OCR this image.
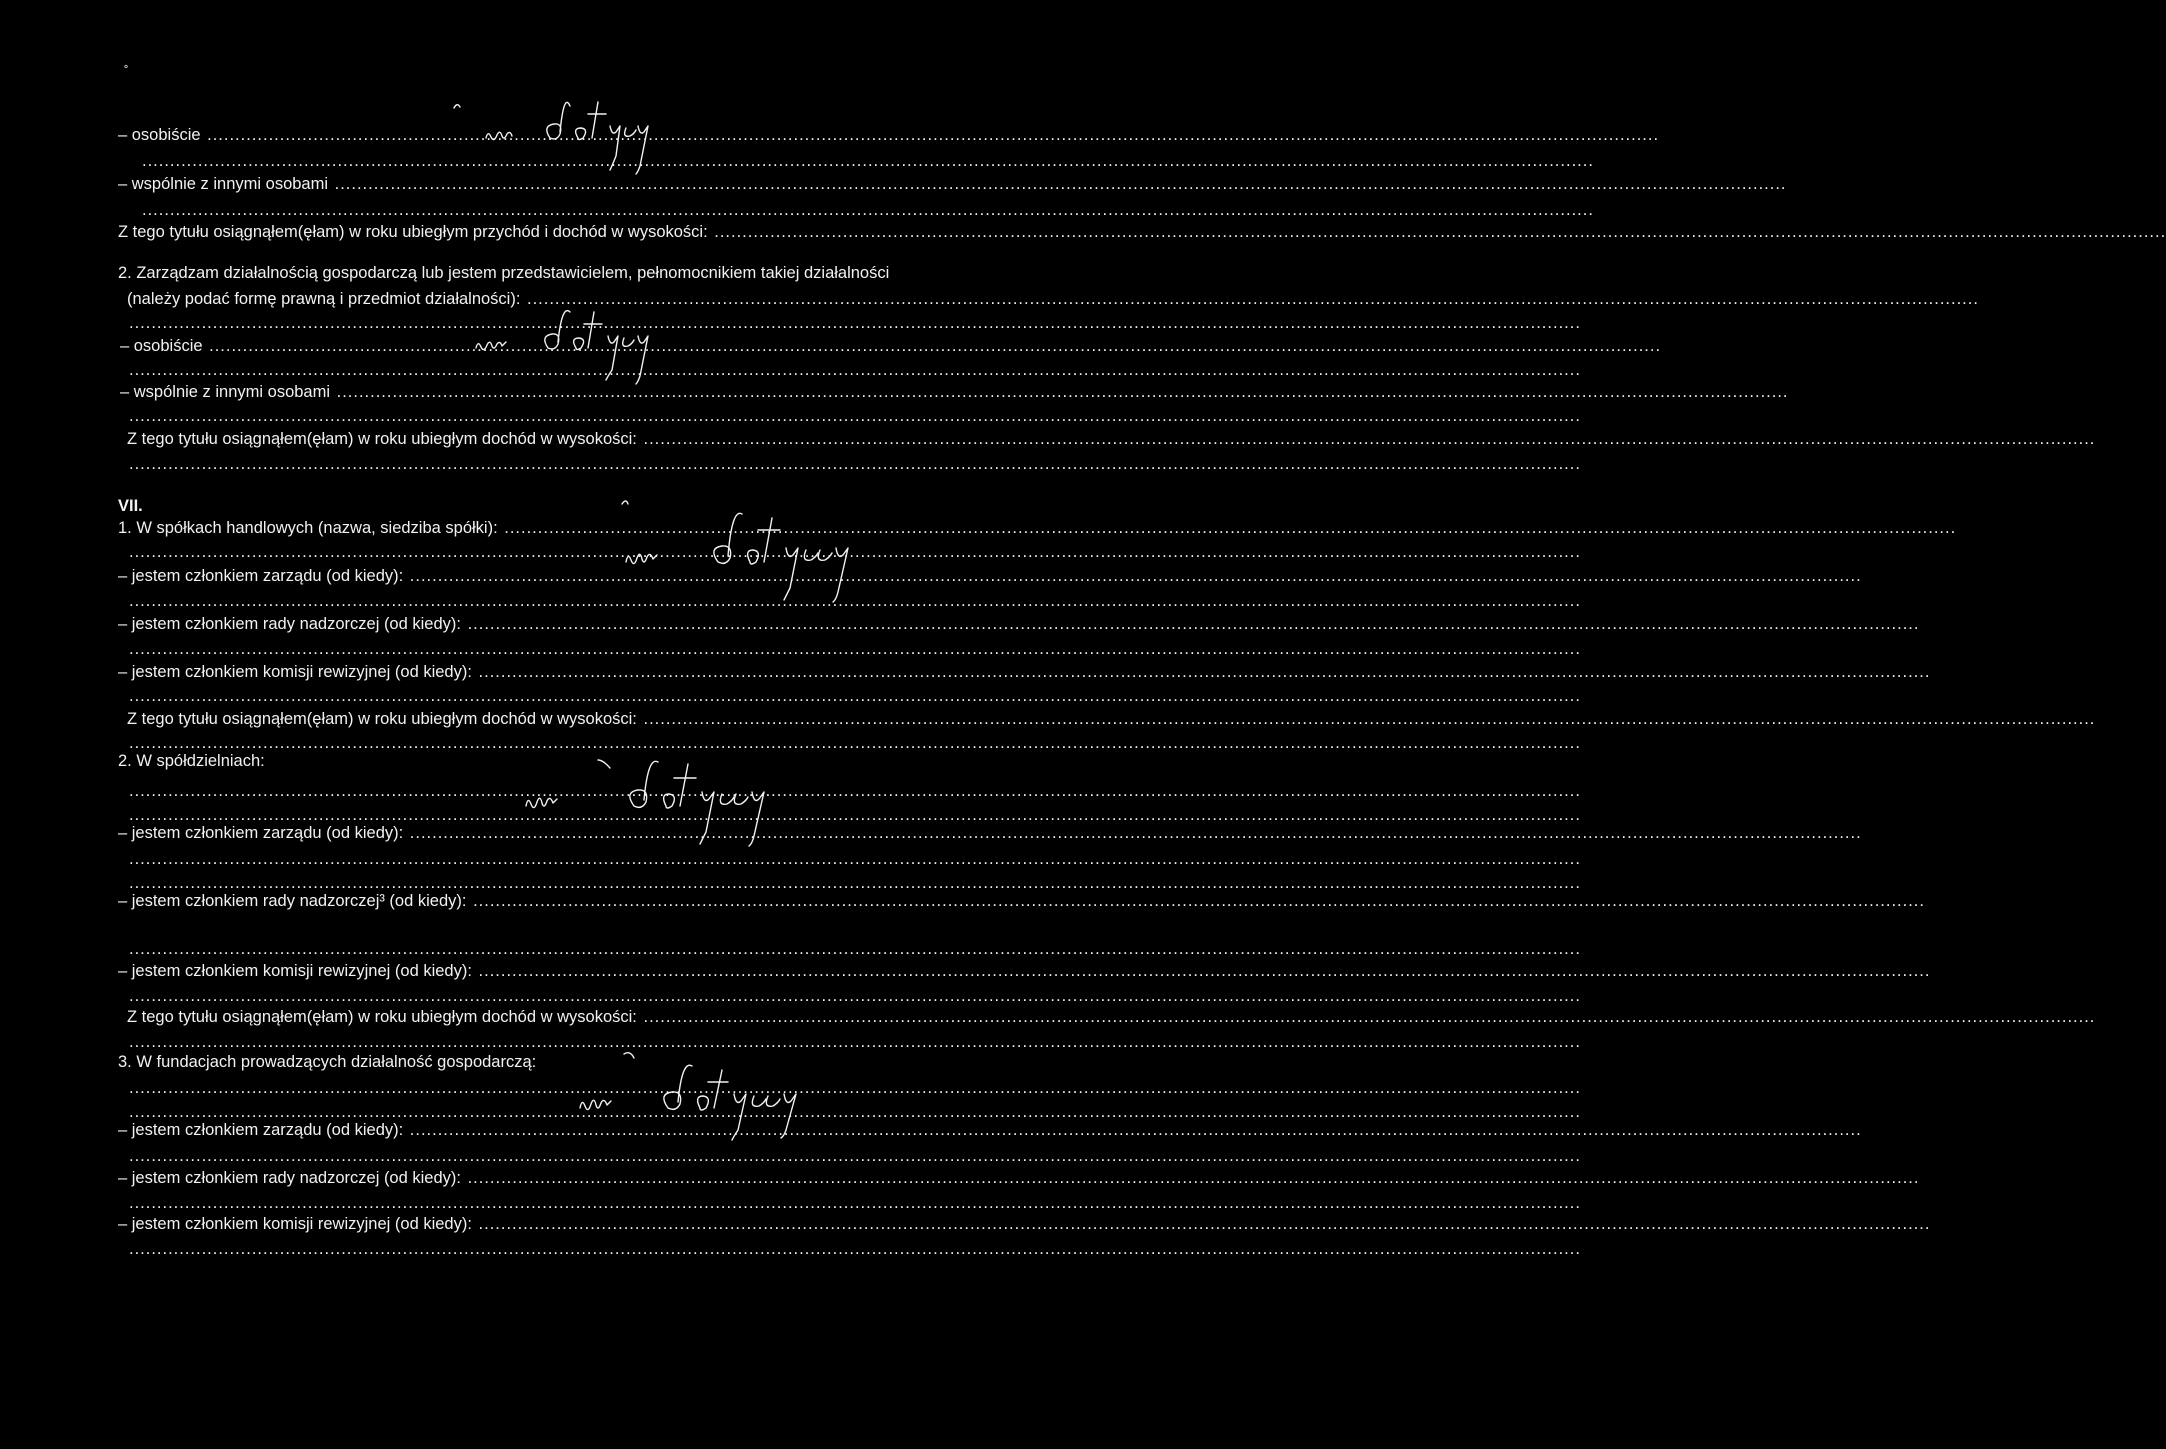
– osobiście ....................................................................................................................................................................................................................................................................
....................................................................................................................................................................................................................................................................
– wspólnie z innymi osobami ....................................................................................................................................................................................................................................................................
....................................................................................................................................................................................................................................................................
Z tego tytułu osiągnąłem(ęłam) w roku ubiegłym przychód i dochód w wysokości: ....................................................................................................................................................................................................................................................................
2. Zarządzam działalnością gospodarczą lub jestem przedstawicielem, pełnomocnikiem takiej działalności
(należy podać formę prawną i przedmiot działalności): ....................................................................................................................................................................................................................................................................
....................................................................................................................................................................................................................................................................
– osobiście ....................................................................................................................................................................................................................................................................
....................................................................................................................................................................................................................................................................
– wspólnie z innymi osobami ....................................................................................................................................................................................................................................................................
....................................................................................................................................................................................................................................................................
Z tego tytułu osiągnąłem(ęłam) w roku ubiegłym dochód w wysokości: ....................................................................................................................................................................................................................................................................
....................................................................................................................................................................................................................................................................
VII.
1. W spółkach handlowych (nazwa, siedziba spółki): ....................................................................................................................................................................................................................................................................
....................................................................................................................................................................................................................................................................
– jestem członkiem zarządu (od kiedy): ....................................................................................................................................................................................................................................................................
....................................................................................................................................................................................................................................................................
– jestem członkiem rady nadzorczej (od kiedy): ....................................................................................................................................................................................................................................................................
....................................................................................................................................................................................................................................................................
– jestem członkiem komisji rewizyjnej (od kiedy): ....................................................................................................................................................................................................................................................................
....................................................................................................................................................................................................................................................................
Z tego tytułu osiągnąłem(ęłam) w roku ubiegłym dochód w wysokości: ....................................................................................................................................................................................................................................................................
....................................................................................................................................................................................................................................................................
2. W spółdzielniach:
....................................................................................................................................................................................................................................................................
....................................................................................................................................................................................................................................................................
– jestem członkiem zarządu (od kiedy): ....................................................................................................................................................................................................................................................................
....................................................................................................................................................................................................................................................................
....................................................................................................................................................................................................................................................................
– jestem członkiem rady nadzorczej³ (od kiedy): ....................................................................................................................................................................................................................................................................
....................................................................................................................................................................................................................................................................
– jestem członkiem komisji rewizyjnej (od kiedy): ....................................................................................................................................................................................................................................................................
....................................................................................................................................................................................................................................................................
Z tego tytułu osiągnąłem(ęłam) w roku ubiegłym dochód w wysokości: ....................................................................................................................................................................................................................................................................
....................................................................................................................................................................................................................................................................
3. W fundacjach prowadzących działalność gospodarczą:
....................................................................................................................................................................................................................................................................
....................................................................................................................................................................................................................................................................
– jestem członkiem zarządu (od kiedy): ....................................................................................................................................................................................................................................................................
....................................................................................................................................................................................................................................................................
– jestem członkiem rady nadzorczej (od kiedy): ....................................................................................................................................................................................................................................................................
....................................................................................................................................................................................................................................................................
– jestem członkiem komisji rewizyjnej (od kiedy): ....................................................................................................................................................................................................................................................................
....................................................................................................................................................................................................................................................................
˚
